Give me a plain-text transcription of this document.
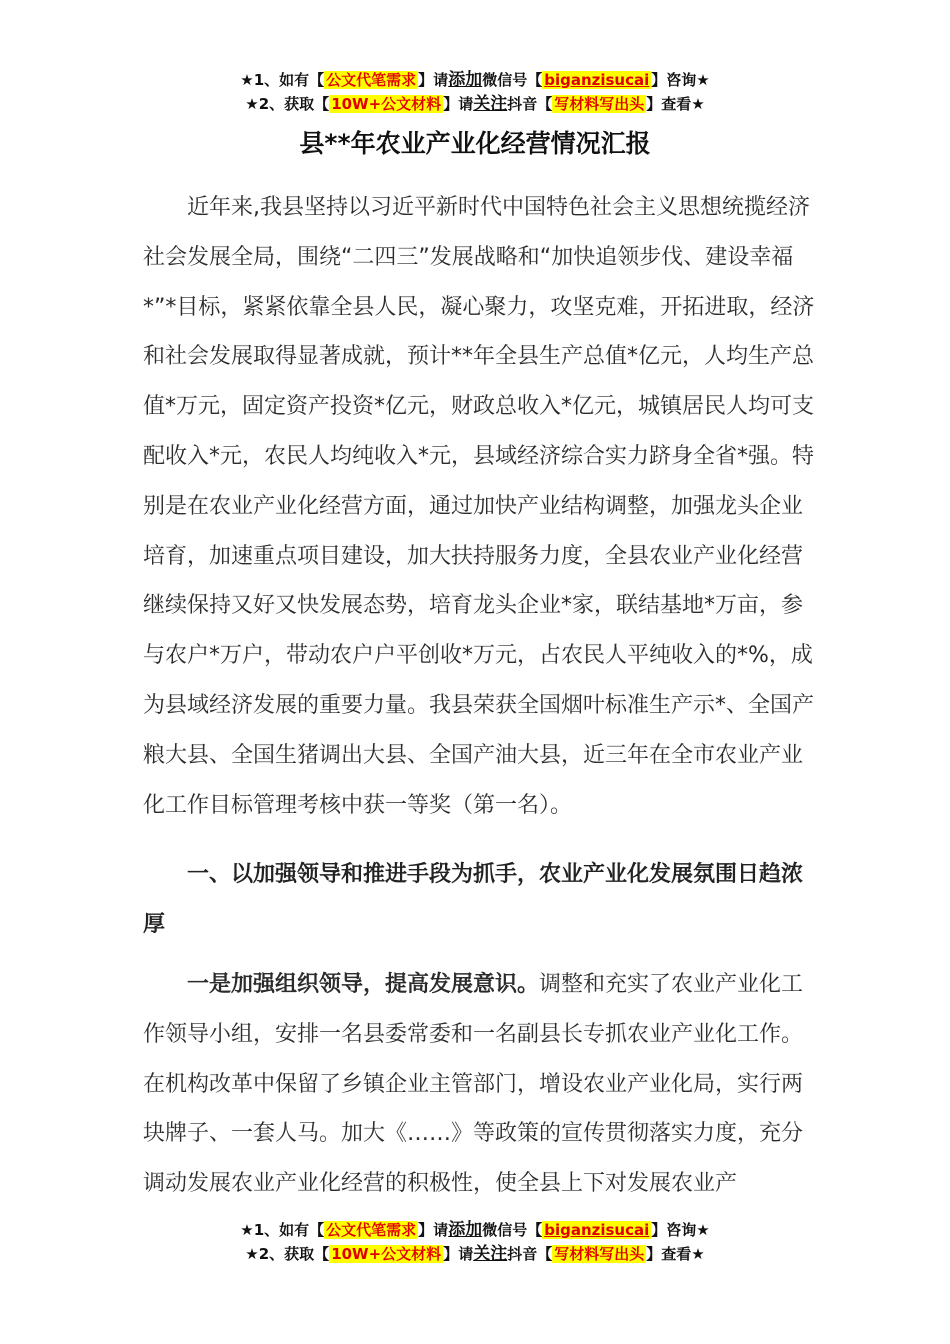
★1、如有【 公文代笔需求 】请添加微信号【 biganzisucai 】咨询★
★2、获取【 10W+公文材料 】请关注抖音【 写材料写出头 】查看★
县**年农业产业化经营情况汇报

近年来,我县坚持以习近平新时代中国特色社会主义思想统揽经济社会发展全局，围绕“二四三”发展战略和“加快追领步伐、建设幸福*”*目标，紧紧依靠全县人民，凝心聚力，攻坚克难，开拓进取，经济和社会发展取得显著成就，预计**年全县生产总值*亿元，人均生产总值*万元，固定资产投资*亿元，财政总收入*亿元，城镇居民人均可支配收入*元，农民人均纯收入*元，县域经济综合实力跻身全省*强。特别是在农业产业化经营方面，通过加快产业结构调整，加强龙头企业培育，加速重点项目建设，加大扶持服务力度，全县农业产业化经营继续保持又好又快发展态势，培育龙头企业*家，联结基地*万亩，参与农户*万户，带动农户户平创收*万元，占农民人平纯收入的*%，成为县域经济发展的重要力量。我县荣获全国烟叶标准生产示*、全国产粮大县、全国生猪调出大县、全国产油大县，近三年在全市农业产业化工作目标管理考核中获一等奖（第一名）。

一、以加强领导和推进手段为抓手，农业产业化发展氛围日趋浓厚

一是加强组织领导，提高发展意识。调整和充实了农业产业化工作领导小组，安排一名县委常委和一名副县长专抓农业产业化工作。在机构改革中保留了乡镇企业主管部门，增设农业产业化局，实行两块牌子、一套人马。加大《……》等政策的宣传贯彻落实力度，充分调动发展农业产业化经营的积极性，使全县上下对发展农业产

★1、如有【 公文代笔需求 】请添加微信号【 biganzisucai 】咨询★
★2、获取【 10W+公文材料 】请关注抖音【 写材料写出头 】查看★
